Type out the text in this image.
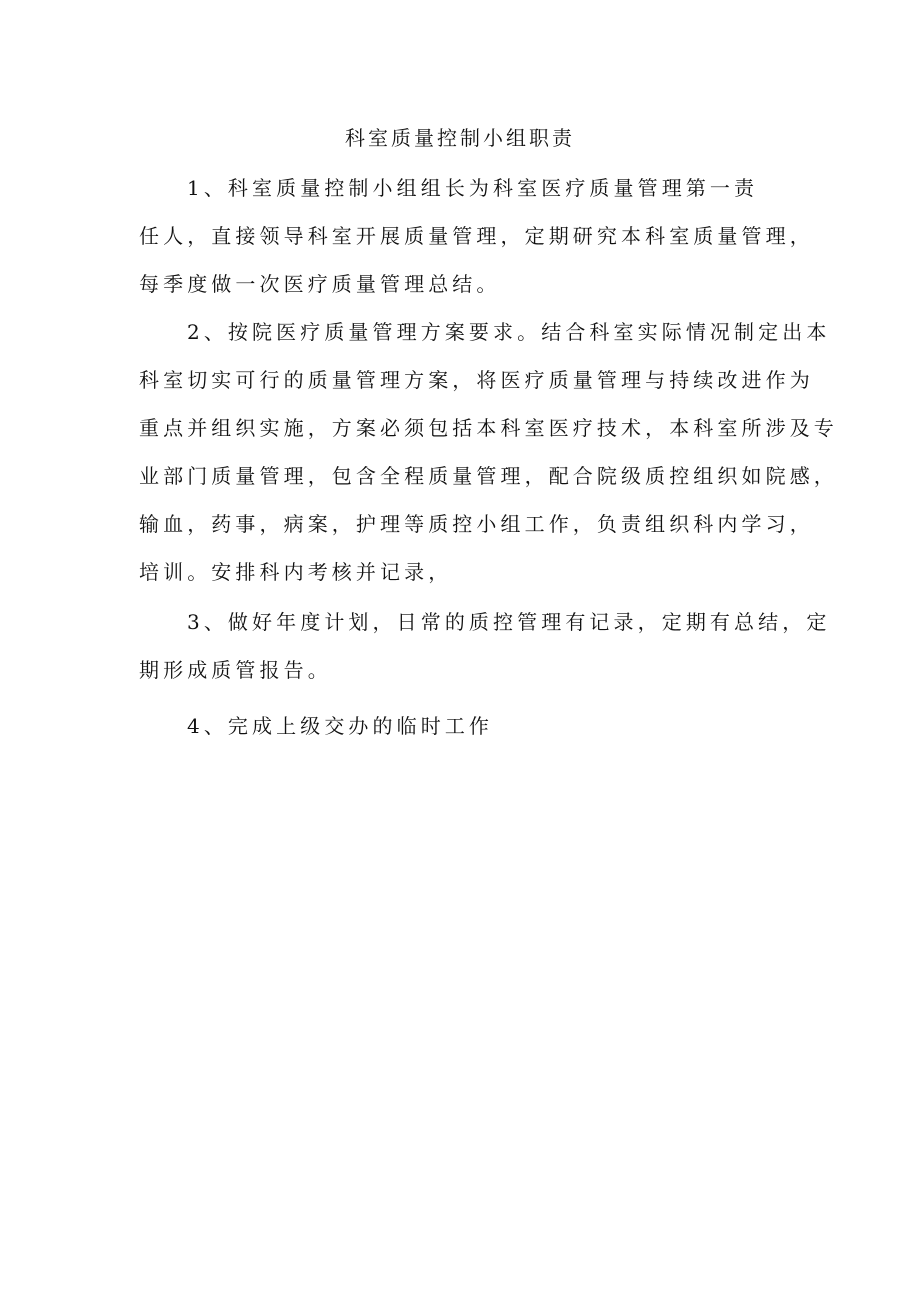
科室质量控制小组职责
1、科室质量控制小组组长为科室医疗质量管理第一责
任人，直接领导科室开展质量管理，定期研究本科室质量管理，
每季度做一次医疗质量管理总结。
2、按院医疗质量管理方案要求。结合科室实际情况制定出本
科室切实可行的质量管理方案，将医疗质量管理与持续改进作为
重点并组织实施，方案必须包括本科室医疗技术，本科室所涉及专
业部门质量管理，包含全程质量管理，配合院级质控组织如院感，
输血，药事，病案，护理等质控小组工作，负责组织科内学习，
培训。安排科内考核并记录，
3、做好年度计划，日常的质控管理有记录，定期有总结，定
期形成质管报告。
4、完成上级交办的临时工作
